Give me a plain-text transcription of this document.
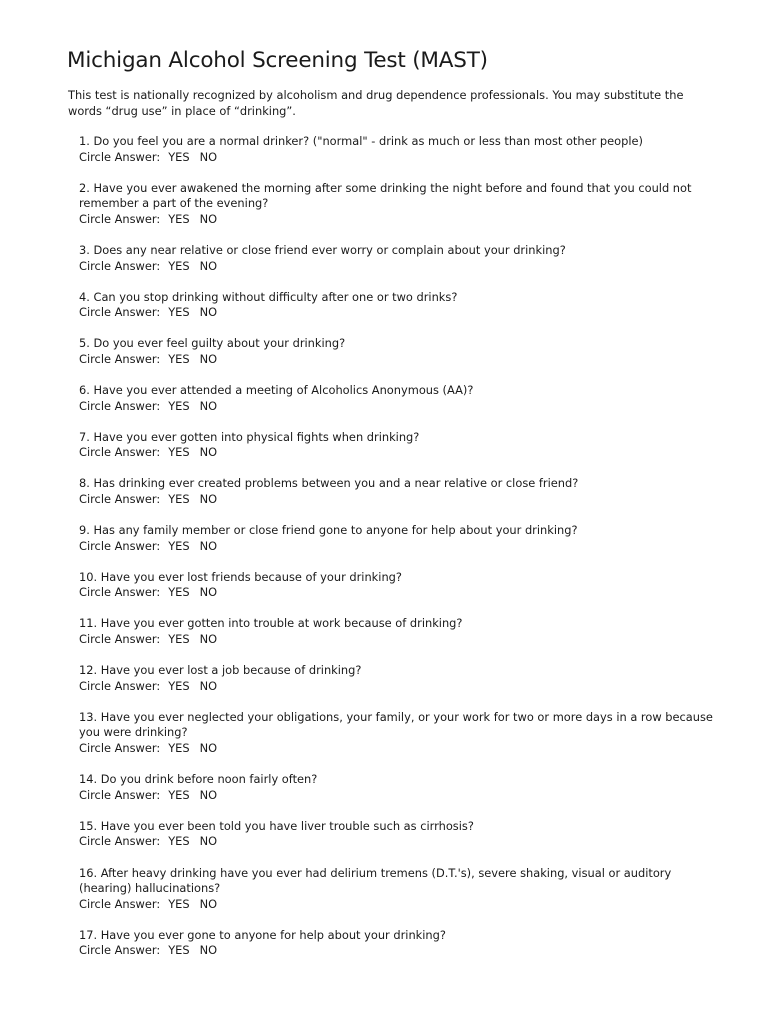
Michigan Alcohol Screening Test (MAST)

This test is nationally recognized by alcoholism and drug dependence professionals. You may substitute the words “drug use” in place of “drinking”.

1. Do you feel you are a normal drinker? ("normal" - drink as much or less than most other people)
Circle Answer: YES NO
2. Have you ever awakened the morning after some drinking the night before and found that you could not remember a part of the evening?
Circle Answer: YES NO
3. Does any near relative or close friend ever worry or complain about your drinking?
Circle Answer: YES NO
4. Can you stop drinking without difficulty after one or two drinks?
Circle Answer: YES NO
5. Do you ever feel guilty about your drinking?
Circle Answer: YES NO
6. Have you ever attended a meeting of Alcoholics Anonymous (AA)?
Circle Answer: YES NO
7. Have you ever gotten into physical fights when drinking?
Circle Answer: YES NO
8. Has drinking ever created problems between you and a near relative or close friend?
Circle Answer: YES NO
9. Has any family member or close friend gone to anyone for help about your drinking?
Circle Answer: YES NO
10. Have you ever lost friends because of your drinking?
Circle Answer: YES NO
11. Have you ever gotten into trouble at work because of drinking?
Circle Answer: YES NO
12. Have you ever lost a job because of drinking?
Circle Answer: YES NO
13. Have you ever neglected your obligations, your family, or your work for two or more days in a row because you were drinking?
Circle Answer: YES NO
14. Do you drink before noon fairly often?
Circle Answer: YES NO
15. Have you ever been told you have liver trouble such as cirrhosis?
Circle Answer: YES NO
16. After heavy drinking have you ever had delirium tremens (D.T.'s), severe shaking, visual or auditory (hearing) hallucinations?
Circle Answer: YES NO
17. Have you ever gone to anyone for help about your drinking?
Circle Answer: YES NO
